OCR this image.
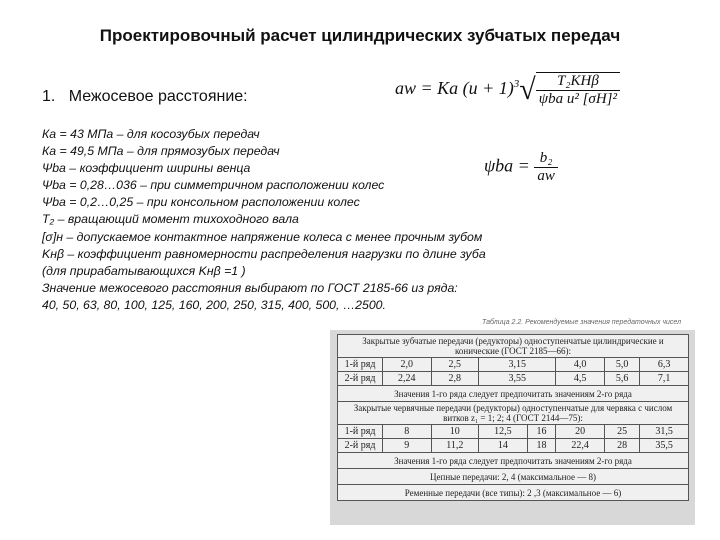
Проектировочный расчет цилиндрических зубчатых передач
1. Межосевое расстояние:	aw = Ka $(u + 1)^3√ \frac{\text{T₂KHβ}}{\text{ψba u² [σH]²}}$
$\psi ba = \frac{\text{b₂}}{aw}$
Ка = 43 МПа – для косозубых передач
Ка = 49,5 МПа – для прямозубых передач
Ψba – коэффициент ширины венца
Ψba = 0,28…036 – при симметричном расположении колес
Ψba = 0,2…0,25 – при консольном расположении колес
T₂ – вращающий момент тихоходного вала
[σ]н – допускаемое контактное напряжение колеса с менее прочным зубом
Kнβ – коэффициент равномерности распределения нагрузки по длине зуба
(для прирабатывающихся Kнβ =1 )
Значение межосевого расстояния выбирают по ГОСТ 2185-66 из ряда:
40, 50, 63, 80, 100, 125, 160, 200, 250, 315, 400, 500, …2500.
Таблица 2.2. Рекомендуемые значения передаточных чисел
Закрытые зубчатые передачи (редукторы) одноступенчатые цилиндрические и конические (ГОСТ 2185—66):							
1-й ряд	2,0	2,5	3,15		4,0	5,0	6,3
2-й ряд	2,24	2,8	3,55		4,5	5,6	7,1
Значения 1-го ряда следует предпочитать значениям 2-го ряда							
Закрытые червячные передачи (редукторы) одноступенчатые для червяка с числом витков z₁ = 1; 2; 4 (ГОСТ 2144—75):							
1-й ряд	8	10	12,5	16	20	25	31,5
2-й ряд	9	11,2	14	18	22,4	28	35,5
Значения 1-го ряда следует предпочитать значениям 2-го ряда							
Цепные передачи: 2, 4 (максимальное — 8)							
Ременные передачи (все типы): 2 ,3 (максимальное — 6)							
